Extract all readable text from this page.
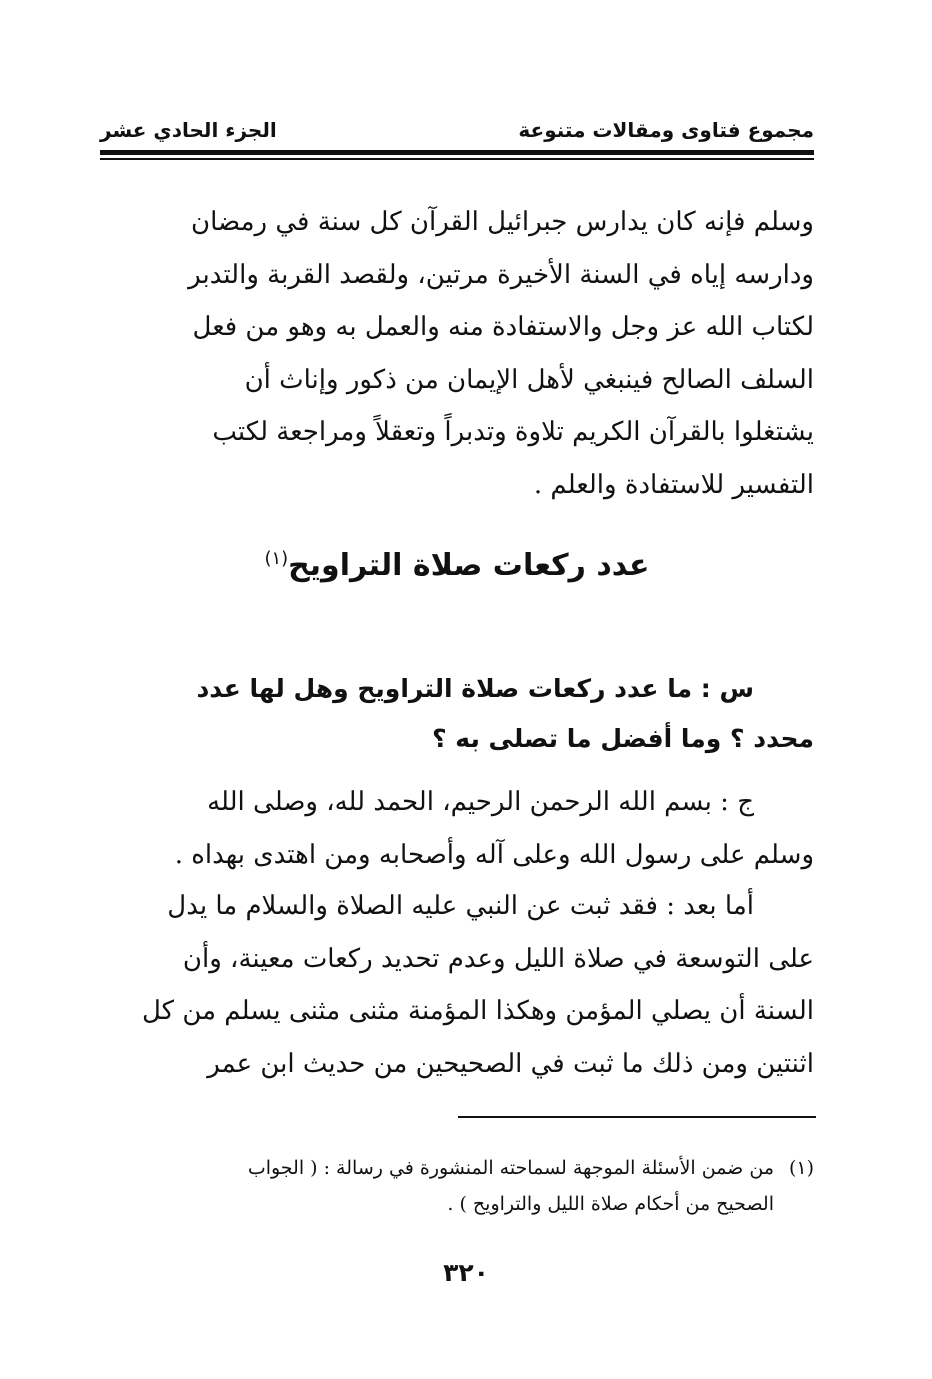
مجموع فتاوى ومقالات متنوعة
الجزء الحادي عشر
وسلم فإنه كان يدارس جبرائيل القرآن كل سنة في رمضان
ودارسه إياه في السنة الأخيرة مرتين، ولقصد القربة والتدبر
لكتاب الله عز وجل والاستفادة منه والعمل به وهو من فعل
السلف الصالح فينبغي لأهل الإيمان من ذكور وإناث أن
يشتغلوا بالقرآن الكريم تلاوة وتدبراً وتعقلاً ومراجعة لكتب
التفسير للاستفادة والعلم .
عدد ركعات صلاة التراويح$^{(١)}$
س : ما عدد ركعات صلاة التراويح وهل لها عدد
محدد ؟ وما أفضل ما تصلى به ؟
ج : بسم الله الرحمن الرحيم، الحمد لله، وصلى الله
وسلم على رسول الله وعلى آله وأصحابه ومن اهتدى بهداه .
أما بعد : فقد ثبت عن النبي عليه الصلاة والسلام ما يدل
على التوسعة في صلاة الليل وعدم تحديد ركعات معينة، وأن
السنة أن يصلي المؤمن وهكذا المؤمنة مثنى مثنى يسلم من كل
اثنتين ومن ذلك ما ثبت في الصحيحين من حديث ابن عمر
(١)من ضمن الأسئلة الموجهة لسماحته المنشورة في رسالة : ( الجواب
الصحيح من أحكام صلاة الليل والتراويح ) .
٣٢٠
